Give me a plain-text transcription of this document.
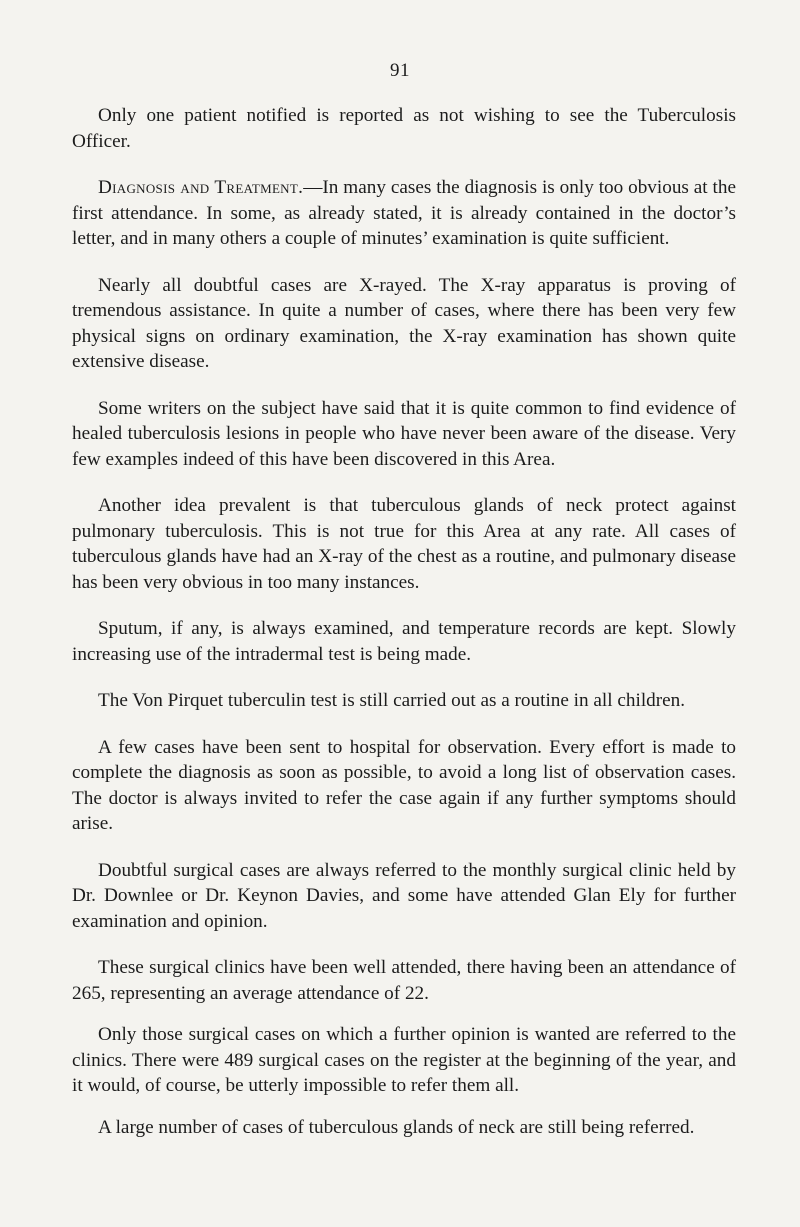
91

Only one patient notified is reported as not wishing to see the Tuberculosis Officer.

Diagnosis and Treatment.—In many cases the diagnosis is only too obvious at the first attendance. In some, as already stated, it is already contained in the doctor’s letter, and in many others a couple of minutes’ examination is quite sufficient.

Nearly all doubtful cases are X-rayed. The X-ray apparatus is proving of tremendous assistance. In quite a number of cases, where there has been very few physical signs on ordinary examination, the X-ray examination has shown quite extensive disease.

Some writers on the subject have said that it is quite common to find evidence of healed tuberculosis lesions in people who have never been aware of the disease. Very few examples indeed of this have been discovered in this Area.

Another idea prevalent is that tuberculous glands of neck protect against pulmonary tuberculosis. This is not true for this Area at any rate. All cases of tuberculous glands have had an X-ray of the chest as a routine, and pulmonary disease has been very obvious in too many instances.

Sputum, if any, is always examined, and temperature records are kept. Slowly increasing use of the intradermal test is being made.

The Von Pirquet tuberculin test is still carried out as a routine in all children.

A few cases have been sent to hospital for observation. Every effort is made to complete the diagnosis as soon as possible, to avoid a long list of observation cases. The doctor is always invited to refer the case again if any further symptoms should arise.

Doubtful surgical cases are always referred to the monthly surgical clinic held by Dr. Downlee or Dr. Keynon Davies, and some have attended Glan Ely for further examination and opinion.

These surgical clinics have been well attended, there having been an attendance of 265, representing an average attendance of 22.

Only those surgical cases on which a further opinion is wanted are referred to the clinics. There were 489 surgical cases on the register at the beginning of the year, and it would, of course, be utterly impossible to refer them all.

A large number of cases of tuberculous glands of neck are still being referred.
